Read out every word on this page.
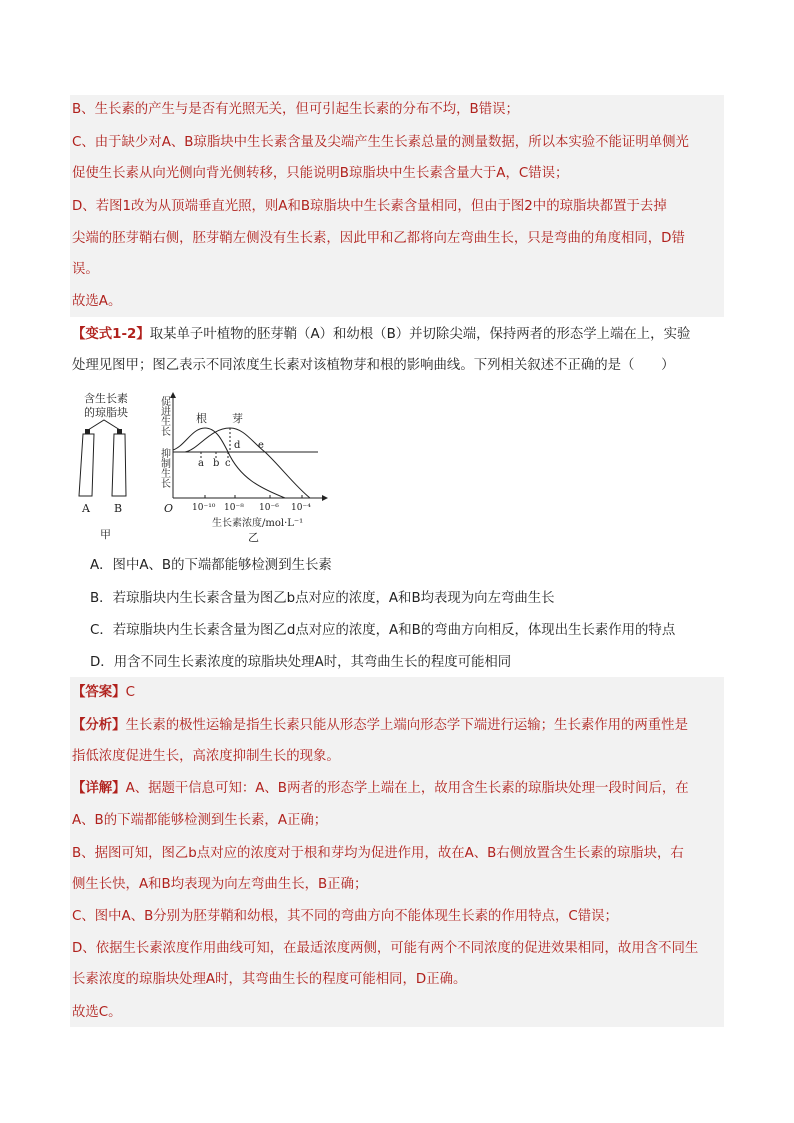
B、生长素的产生与是否有光照无关，但可引起生长素的分布不均，B错误；
C、由于缺少对A、B琼脂块中生长素含量及尖端产生生长素总量的测量数据，所以本实验不能证明单侧光
促使生长素从向光侧向背光侧转移，只能说明B琼脂块中生长素含量大于A，C错误；
D、若图1改为从顶端垂直光照，则A和B琼脂块中生长素含量相同，但由于图2中的琼脂块都置于去掉
尖端的胚芽鞘右侧，胚芽鞘左侧没有生长素，因此甲和乙都将向左弯曲生长，只是弯曲的角度相同，D错
误。
故选A。
【变式1-2】取某单子叶植物的胚芽鞘（A）和幼根（B）并切除尖端，保持两者的形态学上端在上，实验
处理见图甲；图乙表示不同浓度生长素对该植物芽和根的影响曲线。下列相关叙述不正确的是（　　）
含生长素
的琼脂块
A B
甲
促进生长
抑制生长
O
根 芽
a b c
d e
10⁻¹⁰ 10⁻⁸ 10⁻⁶ 10⁻⁴
生长素浓度/mol·L⁻¹
乙
A．图中A、B的下端都能够检测到生长素
B．若琼脂块内生长素含量为图乙b点对应的浓度，A和B均表现为向左弯曲生长
C．若琼脂块内生长素含量为图乙d点对应的浓度，A和B的弯曲方向相反，体现出生长素作用的特点
D．用含不同生长素浓度的琼脂块处理A时，其弯曲生长的程度可能相同
【答案】C
【分析】生长素的极性运输是指生长素只能从形态学上端向形态学下端进行运输；生长素作用的两重性是
指低浓度促进生长，高浓度抑制生长的现象。
【详解】A、据题干信息可知：A、B两者的形态学上端在上，故用含生长素的琼脂块处理一段时间后，在
A、B的下端都能够检测到生长素，A正确；
B、据图可知，图乙b点对应的浓度对于根和芽均为促进作用，故在A、B右侧放置含生长素的琼脂块，右
侧生长快，A和B均表现为向左弯曲生长，B正确；
C、图中A、B分别为胚芽鞘和幼根，其不同的弯曲方向不能体现生长素的作用特点，C错误；
D、依据生长素浓度作用曲线可知，在最适浓度两侧，可能有两个不同浓度的促进效果相同，故用含不同生
长素浓度的琼脂块处理A时，其弯曲生长的程度可能相同，D正确。
故选C。
